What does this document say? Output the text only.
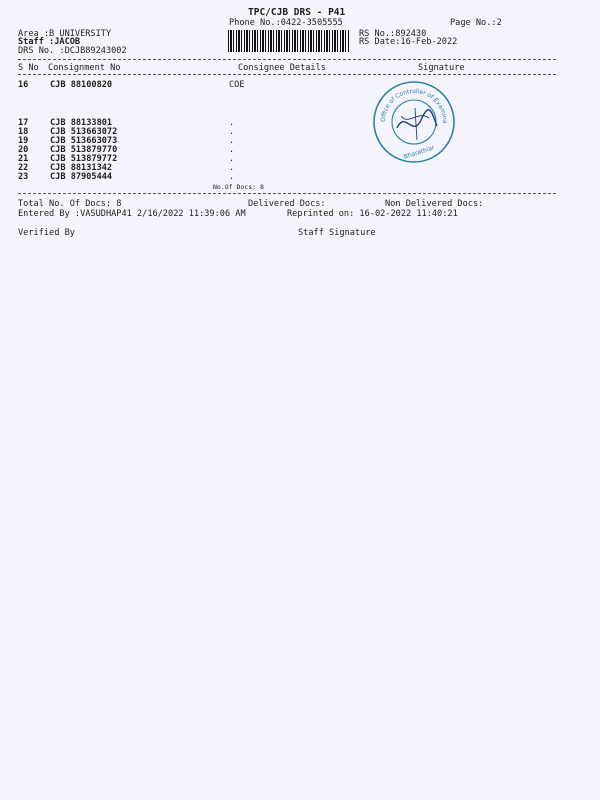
TPC/CJB DRS - P41
Phone No.:0422-3505555	Page No.:2
Area :B UNIVERSITY
Staff :JACOB
DRS No. :DCJB89243002
RS No.:892430
RS Date:16-Feb-2022
S No Consignment No	Consignee Details	Signature
16	CJB 88100820	COE
17	CJB 88133801	.
18	CJB 513663072	.
19	CJB 513663073	.
20	CJB 513879770	.
21	CJB 513879772	.
22	CJB 88131342	.
23	CJB 87905444	.
Office of Controller of Examina
Bharathiar
No.Of Docs: 8
Total No. Of Docs: 8	Delivered Docs:	Non Delivered Docs:
Entered By :VASUDHAP41 2/16/2022 11:39:06 AM	Reprinted on: 16-02-2022 11:40:21
Verified By	Staff Signature
